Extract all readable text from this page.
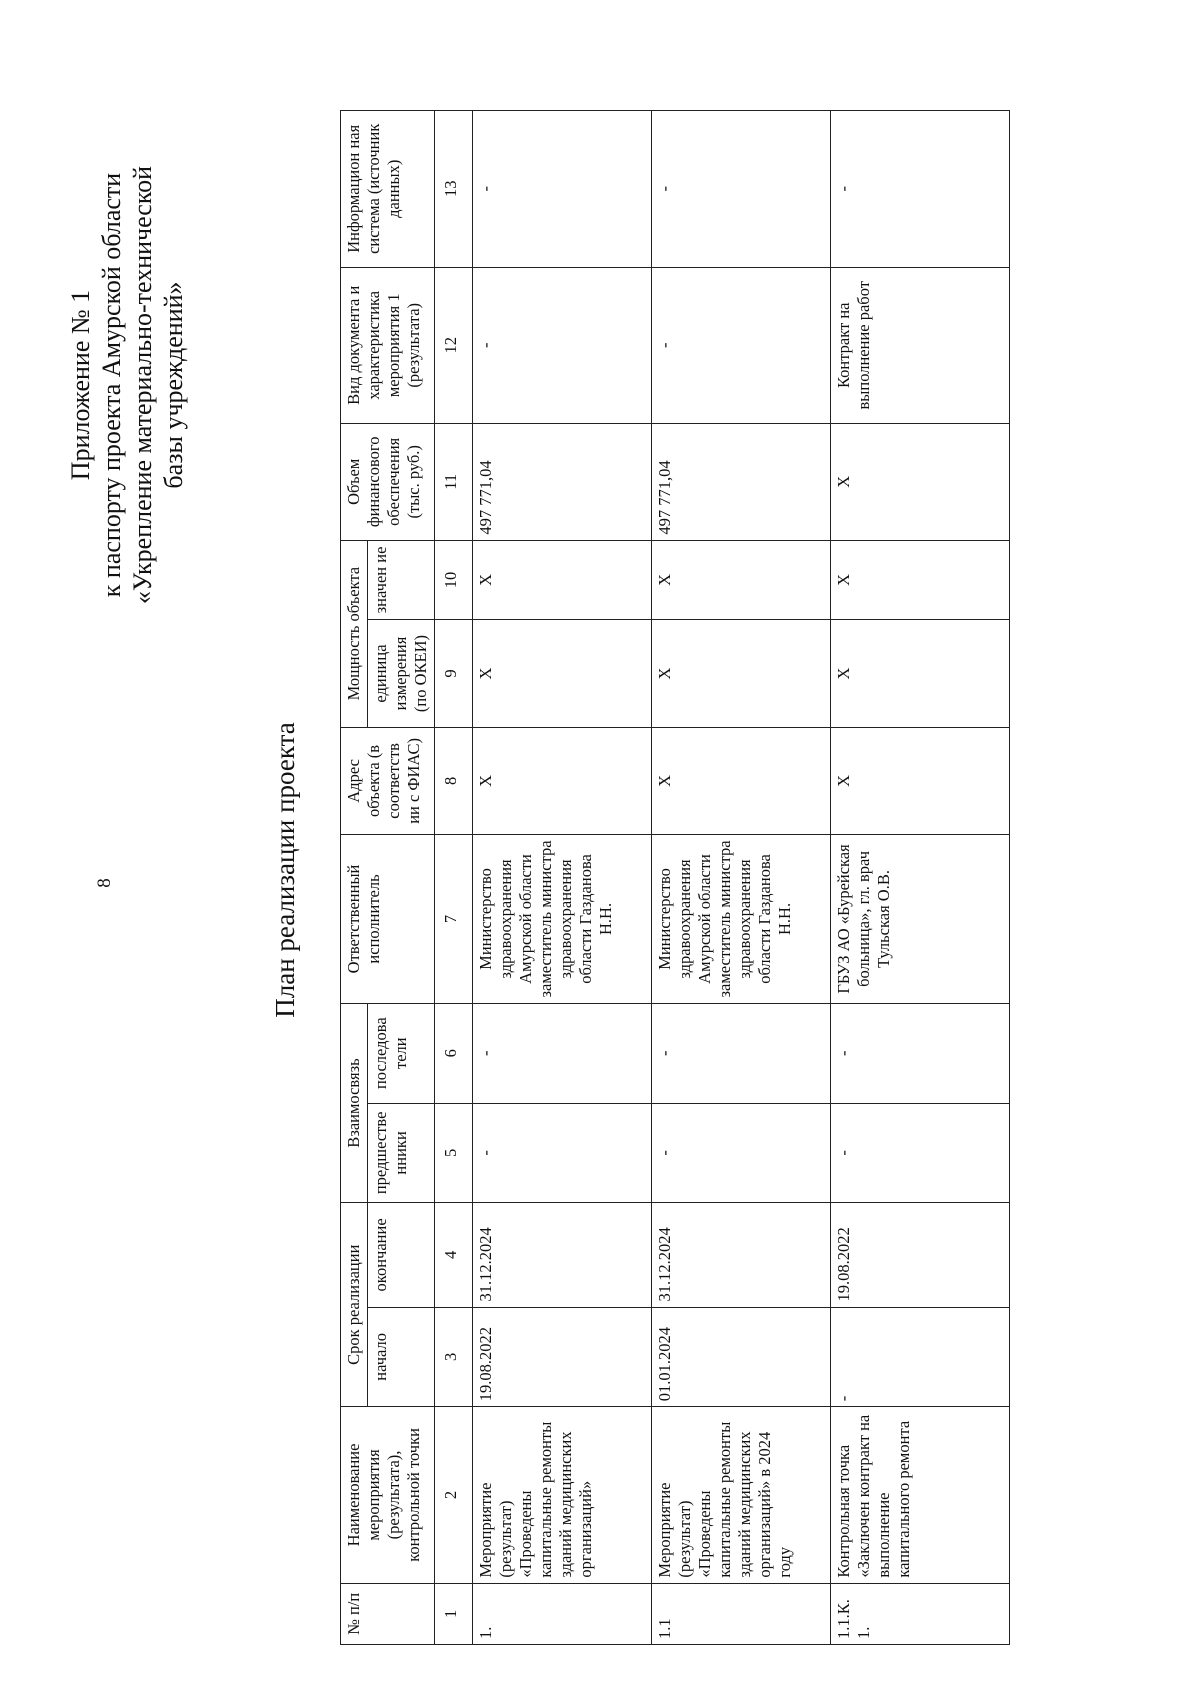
8
Приложение № 1 к паспорту проекта Амурской области «Укрепление материально-технической базы учреждений»
План реализации проекта
№ п/п	Наименование мероприятия (результата), контрольной точки	Срок реализации		Взаимосвязь		Ответственный исполнитель	Адрес объекта (в соответств ии с ФИАС)	Мощность объекта		Объем финансового обеспечения (тыс. руб.)	Вид документа и характеристика мероприятия 1 (результата)	Информацион ная система (источник данных)
		начало	окончание	предшестве нники	последова тели			единица измерения (по ОКЕИ)	значен ие			
1	2	3	4	5	6	7	8	9	10	11	12	13
1.	Мероприятие (результат) «Проведены капитальные ремонты зданий медицинских организаций»	19.08.2022	31.12.2024	-	-	Министерство здравоохранения Амурской области заместитель министра здравоохранения области Газданова Н.Н.	X	X	X	497 771,04	-	-
1.1	Мероприятие (результат) «Проведены капитальные ремонты зданий медицинских организаций» в 2024 году	01.01.2024	31.12.2024	-	-	Министерство здравоохранения Амурской области заместитель министра здравоохранения области Газданова Н.Н.	X	X	X	497 771,04	-	-
1.1.К. 1.	Контрольная точка «Заключен контракт на выполнение капитального ремонта	-	19.08.2022	-	-	ГБУЗ АО «Бурейская больница», гл. врач Тульская О.В.	X	X	X	X	Контракт на выполнение работ	-
